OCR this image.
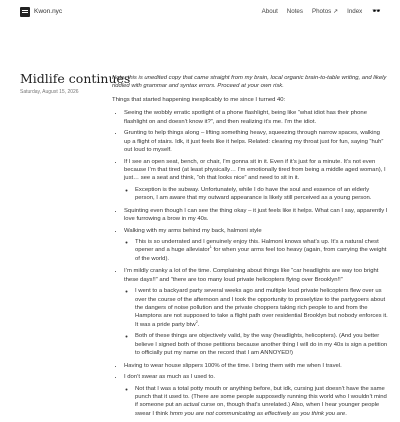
Kwon.nyc	About Notes Photos ↗ Index 🕶️
Midlife continues
Saturday, August 15, 2026

Note: this is unedited copy that came straight from my brain, local organic brain-to-table writing, and likely riddled with grammar and syntax errors. Proceed at your own risk.

Things that started happening inexplicably to me since I turned 40:

• Seeing the wobbly erratic spotlight of a phone flashlight, being like “what idiot has their phone flashlight on and doesn’t know it?”, and then realizing it’s me. I’m the idiot.
• Grunting to help things along – lifting something heavy, squeezing through narrow spaces, walking up a flight of stairs. Idk, it just feels like it helps. Related: clearing my throat just for fun, saying “huh” out loud to myself.
• If I see an open seat, bench, or chair, I’m gonna sit in it. Even if it’s just for a minute. It’s not even because I’m that tired (at least physically… I’m emotionally tired from being a middle aged woman), I just… see a seat and think, “oh that looks nice” and need to sit in it.
◦ Exception is the subway. Unfortunately, while I do have the soul and essence of an elderly person, I am aware that my outward appearance is likely still perceived as a young person.
• Squinting even though I can see the thing okay – it just feels like it helps. What can I say, apparently I love furrowing a brow in my 40s.
• Walking with my arms behind my back, halmoni style
◦ This is so underrated and I genuinely enjoy this. Halmoni knows what’s up. It’s a natural chest opener and a huge alleviator$^1$ for when your arms feel too heavy (again, from carrying the weight of the world).
• I’m mildly cranky a lot of the time. Complaining about things like “car headlights are way too bright these days!!” and “there are too many loud private helicopters flying over Brooklyn!!”
◦ I went to a backyard party several weeks ago and multiple loud private helicopters flew over us over the course of the afternoon and I took the opportunity to proselytize to the partygoers about the dangers of noise pollution and the private choppers taking rich people to and from the Hamptons are not supposed to take a flight path over residential Brooklyn but nobody enforces it. It was a pride party btw$^2$.
◦ Both of these things are objectively valid, by the way (headlights, helicopters). (And you better believe I signed both of those petitions because another thing I will do in my 40s is sign a petition to officially put my name on the record that I am ANNOYED!)
• Having to wear house slippers 100% of the time. I bring them with me when I travel.
• I don’t swear as much as I used to.
◦ Not that I was a total potty mouth or anything before, but idk, cursing just doesn’t have the same punch that it used to. (There are some people supposedly running this world who I wouldn’t mind if someone put an actual curse on, though that’s unrelated.) Also, when I hear younger people swear I think hmm you are not communicating as effectively as you think you are.
